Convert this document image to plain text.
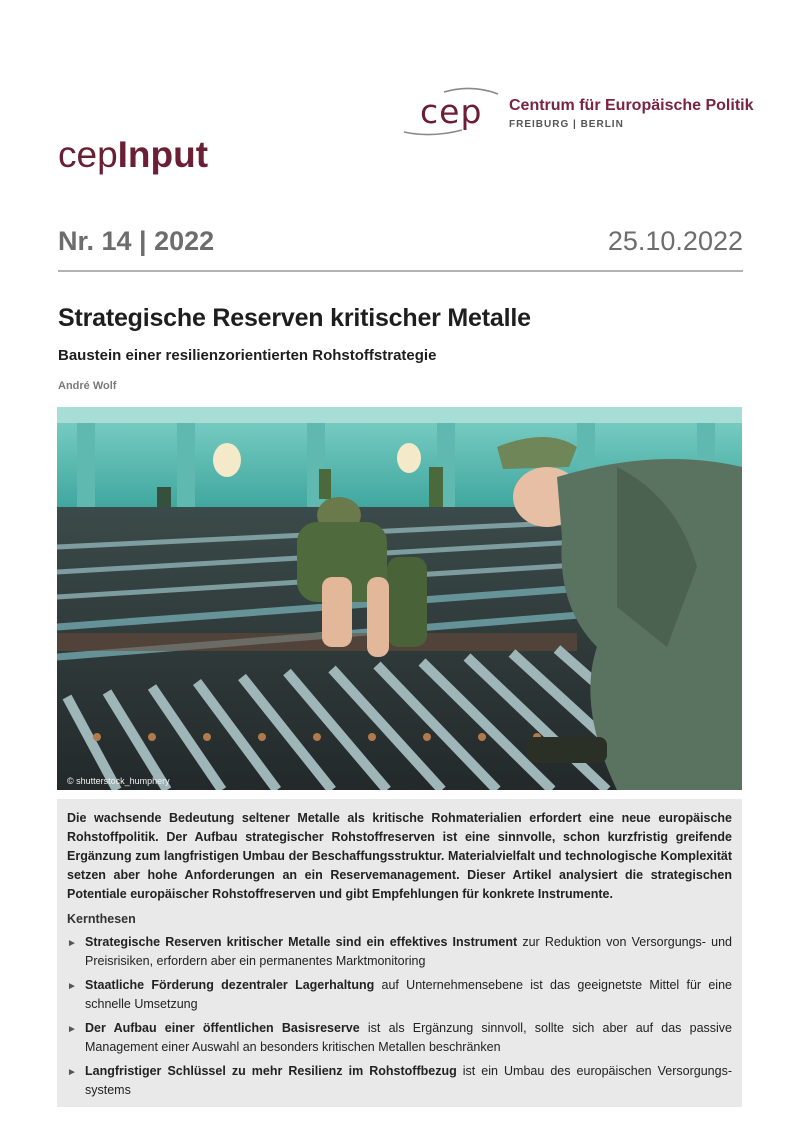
cep Centrum für Europäische Politik
FREIBURG | BERLIN
cepInput
Nr. 14 | 2022	25.10.2022
Strategische Reserven kritischer Metalle
Baustein einer resilienzorientierten Rohstoffstrategie
André Wolf
© shutterstock_humphery

Die wachsende Bedeutung seltener Metalle als kritische Rohmaterialien erfordert eine neue europäische Rohstoffpolitik. Der Aufbau strategischer Rohstoffreserven ist eine sinnvolle, schon kurzfristig greifende Ergänzung zum langfristigen Umbau der Beschaffungsstruktur. Materialvielfalt und technologische Komplexität setzen aber hohe Anforderungen an ein Reservemanagement. Dieser Artikel analysiert die strategischen Potentiale europäischer Rohstoffreserven und gibt Empfehlungen für konkrete Instrumente.

Kernthesen
► Strategische Reserven kritischer Metalle sind ein effektives Instrument zur Reduktion von Versorgungs- und Preisrisiken, erfordern aber ein permanentes Marktmonitoring
► Staatliche Förderung dezentraler Lagerhaltung auf Unternehmensebene ist das geeignetste Mittel für eine schnelle Umsetzung
► Der Aufbau einer öffentlichen Basisreserve ist als Ergänzung sinnvoll, sollte sich aber auf das passive Management einer Auswahl an besonders kritischen Metallen beschränken
► Langfristiger Schlüssel zu mehr Resilienz im Rohstoffbezug ist ein Umbau des europäischen Versorgungs-systems
